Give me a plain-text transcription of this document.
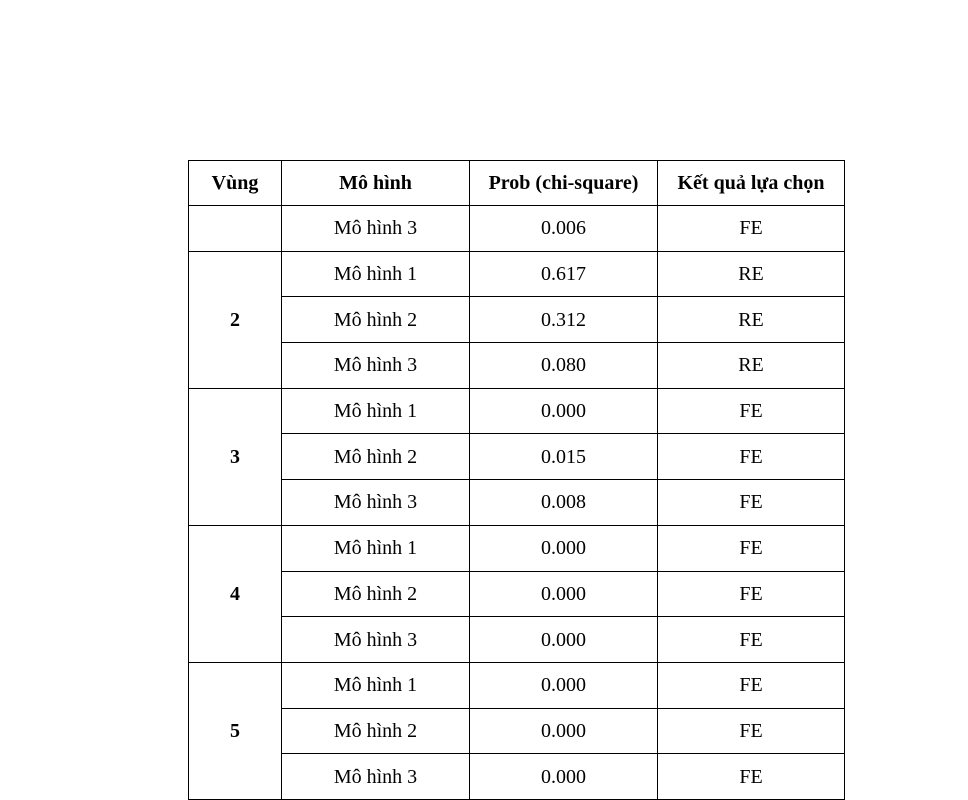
Vùng	Mô hình	Prob (chi-square)	Kết quả lựa chọn
	Mô hình 3	0.006	FE
2	Mô hình 1	0.617	RE
	Mô hình 2	0.312	RE
	Mô hình 3	0.080	RE
3	Mô hình 1	0.000	FE
	Mô hình 2	0.015	FE
	Mô hình 3	0.008	FE
4	Mô hình 1	0.000	FE
	Mô hình 2	0.000	FE
	Mô hình 3	0.000	FE
5	Mô hình 1	0.000	FE
	Mô hình 2	0.000	FE
	Mô hình 3	0.000	FE
